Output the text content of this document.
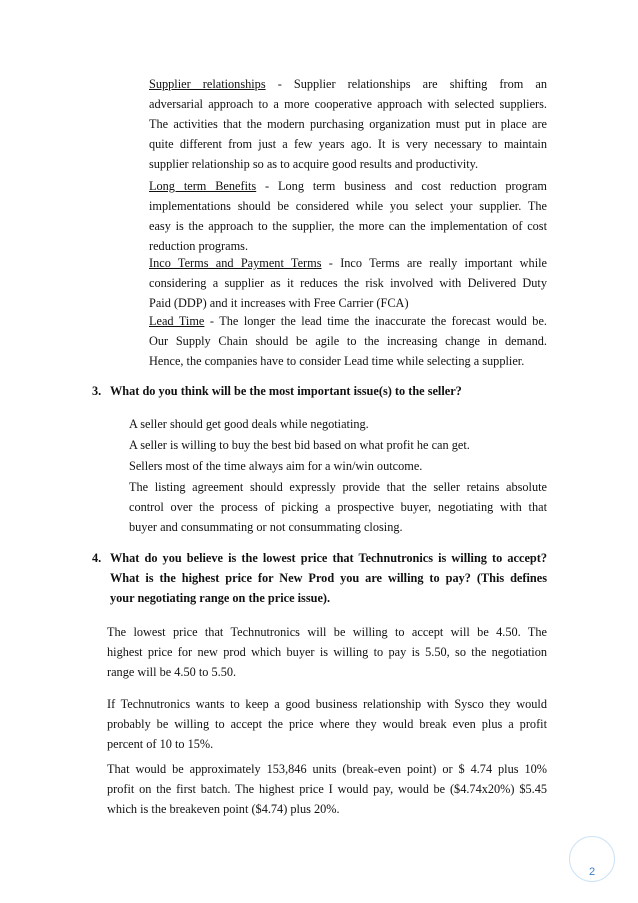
Supplier relationships - Supplier relationships are shifting from an
adversarial approach to a more cooperative approach with selected suppliers.
The activities that the modern purchasing organization must put in place are
quite different from just a few years ago. It is very necessary to maintain
supplier relationship so as to acquire good results and productivity.
Long term Benefits - Long term business and cost reduction program
implementations should be considered while you select your supplier. The
easy is the approach to the supplier, the more can the implementation of cost
reduction programs.
Inco Terms and Payment Terms - Inco Terms are really important while
considering a supplier as it reduces the risk involved with Delivered Duty
Paid (DDP) and it increases with Free Carrier (FCA)
Lead Time - The longer the lead time the inaccurate the forecast would be.
Our Supply Chain should be agile to the increasing change in demand.
Hence, the companies have to consider Lead time while selecting a supplier.
3. What do you think will be the most important issue(s) to the seller?
A seller should get good deals while negotiating.
A seller is willing to buy the best bid based on what profit he can get.
Sellers most of the time always aim for a win/win outcome.
The listing agreement should expressly provide that the seller retains absolute
control over the process of picking a prospective buyer, negotiating with that
buyer and consummating or not consummating closing.
4. What do you believe is the lowest price that Technutronics is willing to accept?
What is the highest price for New Prod you are willing to pay? (This defines
your negotiating range on the price issue).
The lowest price that Technutronics will be willing to accept will be 4.50. The
highest price for new prod which buyer is willing to pay is 5.50, so the negotiation
range will be 4.50 to 5.50.
If Technutronics wants to keep a good business relationship with Sysco they would
probably be willing to accept the price where they would break even plus a profit
percent of 10 to 15%.
That would be approximately 153,846 units (break-even point) or $ 4.74 plus 10%
profit on the first batch. The highest price I would pay, would be ($4.74x20%) $5.45
which is the breakeven point ($4.74) plus 20%.
2
